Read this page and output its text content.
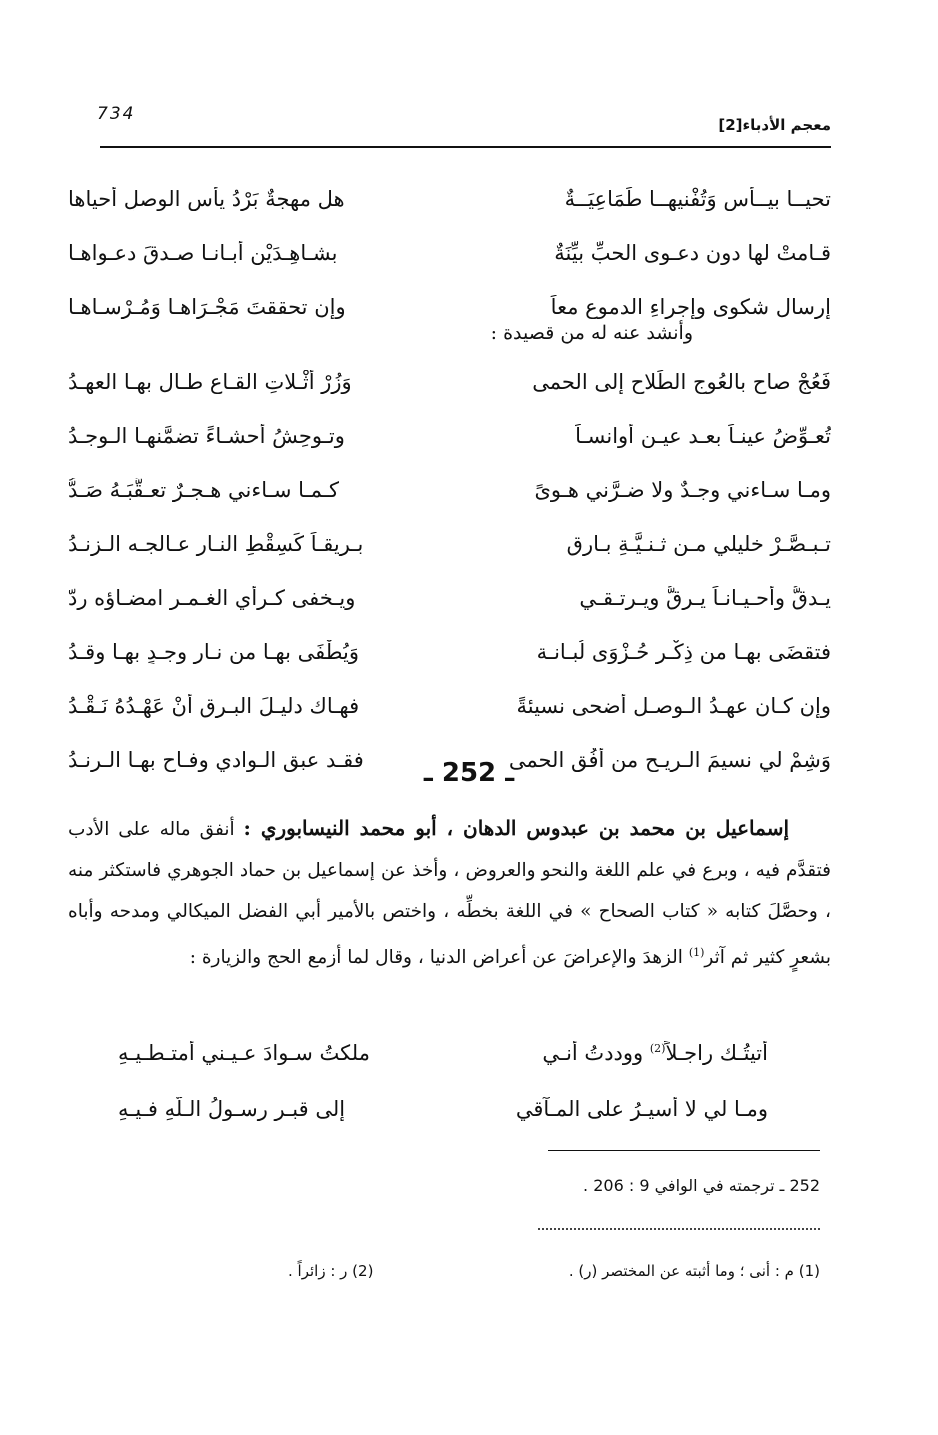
734
معجم الأدباء[2]
تحيــا بيــأس وَتُفْنيهــا طَمَاعِيَــةٌ
هل مهجةٌ بَرْدُ يأسِ الوصلِ أحياها
قـامتْ لها دون دعـوى الحبِّ بيِّنَةٌ
بشـاهِـدَيْنِ أبـانـا صـدقَ دعـواهـا
إرسالِ شكوى وإجراءِ الدموع معاً
وإن تحققتَ مَجْـرَاهـا وَمُـرْسـاهـا
وأنشد عنه له من قصيدة :
فَعُجْ صاحِ بالعُوجِ الطِّلاح إلى الحمى
وَزُرْ أثْـلاتِ القـاعِ طـال بهـا العهـدُ
تُعـوِّضُ عينـاً بعـد عيـنٍ أوانسـاً
وتـوحِشُ أحشـاءً تضمَّنهـا الـوجـدُ
ومـا سـاءني وجـدٌ ولا ضـرَّني هـوىً
كـمـا سـاءني هـجـرٌ تعـقَّبَـهُ صَـدُّ
تـبـصَّـرْ خليلي مـن ثـنـيَّـةِ بـارقٍ
بـريقـاً كَسِقْطِ النـارِ عـالجـه الـزنـدُ
يـدقُّ وأحـيـانـاً يـرقُّ ويـرتـقـي
ويـخفى كـرأي الغـمـر امضـاؤه ردّ
فتقضَى بهـا من ذِكْـرِ حُـزْوَى لُبـانـة
وَيُطْفَى بهـا من نـارِ وجـدٍ بهـا وقـدُ
وإن كـان عهـدُ الـوصـل أضحى نسيئةً
فهـاك دليـلَ البـرقِ أنْ عَهْـدُهُ نَـقْـدُ
وَشِمْ لي نسيمَ الـريـح من أُفُقِ الحمى
فقـد عبق الـوادي وفـاح بهـا الـرنـدُ	ـ 252 ـ

إسماعيل بن محمد بن عبدوس الدهان ، أبو محمد النيسابوري : أنفق ماله على الأدب فتقدَّم فيه ، وبرع في علم اللغة والنحو والعروض ، وأخذ عن إسماعيل بن حماد الجوهري فاستكثر منه ، وحصَّلَ كتابه « كتاب الصحاح » في اللغة بخطِّه ، واختص بالأمير أبي الفضل الميكالي ومدحه وأباه بشعرٍ كثير ثم آثر$^{(1)}$ الزهدَ والإعراضَ عن أعراض الدنيا ، وقال لما أزمع الحج والزيارة :

أتيتُـك راجـلاً$^{(2)}$ ووددتُ أنـي
ملكتُ سـوادَ عـيـني أمتـطـيـهِ
ومـا لي لا أسيـرُ على المـآقي
إلى قبـرٍ رسـولُ الـلّهِ فـيـهِ
252 ـ ترجمته في الوافي 9 : 206 .
(1) م : أنى ؛ وما أثبته عن المختصر (ر) .
(2) ر : زائراً .
